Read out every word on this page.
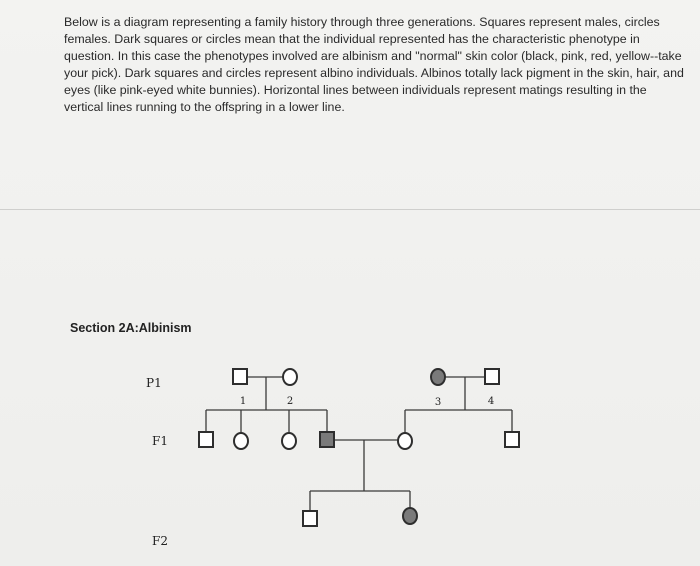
Below is a diagram representing a family history through three generations. Squares represent males, circles females. Dark squares or circles mean that the individual represented has the characteristic phenotype in question. In this case the phenotypes involved are albinism and "normal" skin color (black, pink, red, yellow--take your pick). Dark squares and circles represent albino individuals. Albinos totally lack pigment in the skin, hair, and eyes (like pink-eyed white bunnies). Horizontal lines between individuals represent matings resulting in the vertical lines running to the offspring in a lower line.

Section 2A:Albinism

P1
F1
F2
1	2	3	4
